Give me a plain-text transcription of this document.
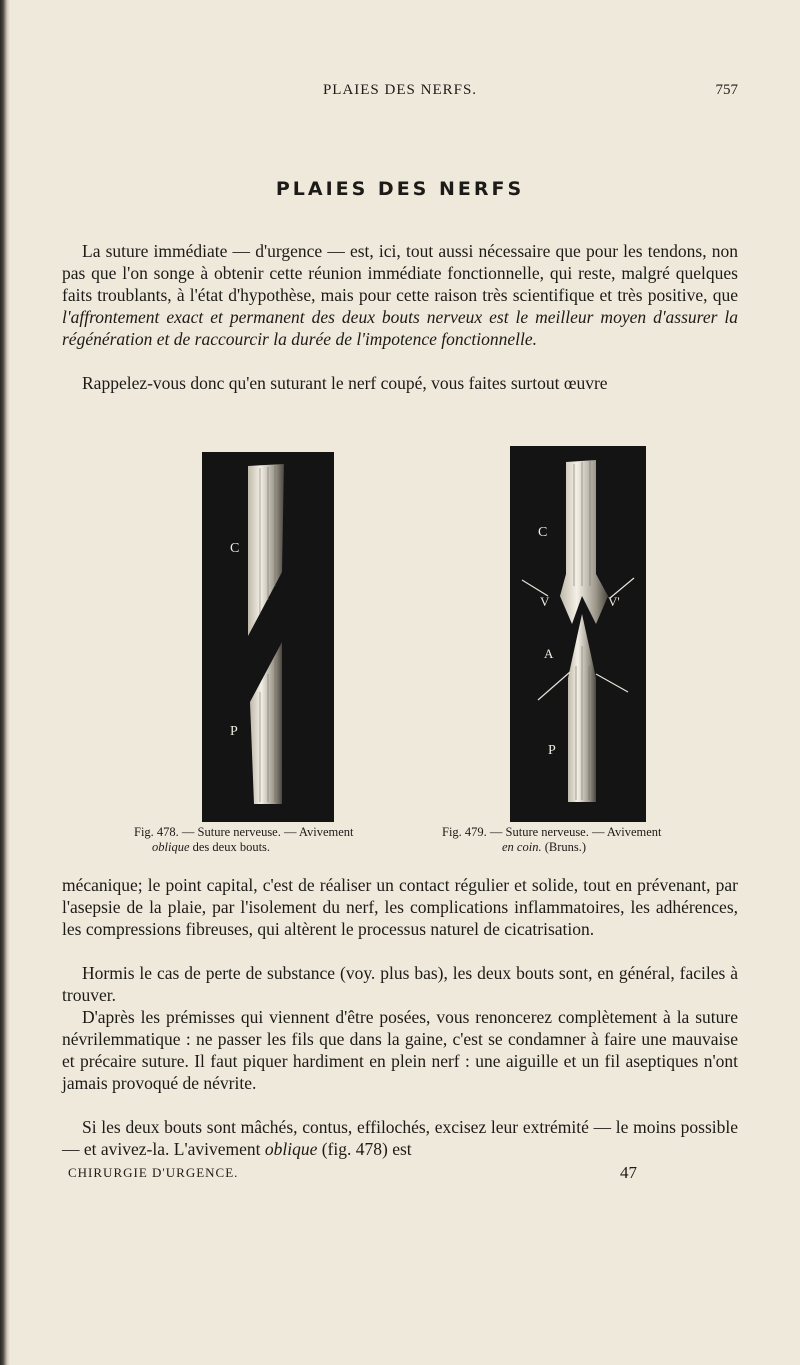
PLAIES DES NERFS.	757
PLAIES DES NERFS

La suture immédiate — d'urgence — est, ici, tout aussi nécessaire que pour les tendons, non pas que l'on songe à obtenir cette réunion immédiate fonctionnelle, qui reste, malgré quelques faits troublants, à l'état d'hypothèse, mais pour cette raison très scientifique et très positive, que l'affrontement exact et permanent des deux bouts nerveux est le meilleur moyen d'assurer la régénération et de raccourcir la durée de l'impotence fonctionnelle.

Rappelez-vous donc qu'en suturant le nerf coupé, vous faites surtout œuvre

C
P
C
V	V'
A
P
Fig. 478. — Suture nerveuse. — Avivement
oblique des deux bouts.
Fig. 479. — Suture nerveuse. — Avivement
en coin. (Bruns.)

mécanique; le point capital, c'est de réaliser un contact régulier et solide, tout en prévenant, par l'asepsie de la plaie, par l'isolement du nerf, les complications inflammatoires, les adhérences, les compressions fibreuses, qui altèrent le processus naturel de cicatrisation.

Hormis le cas de perte de substance (voy. plus bas), les deux bouts sont, en général, faciles à trouver.

D'après les prémisses qui viennent d'être posées, vous renoncerez complètement à la suture névrilemmatique : ne passer les fils que dans la gaine, c'est se condamner à faire une mauvaise et précaire suture. Il faut piquer hardiment en plein nerf : une aiguille et un fil aseptiques n'ont jamais provoqué de névrite.

Si les deux bouts sont mâchés, contus, effilochés, excisez leur extrémité — le moins possible — et avivez-la. L'avivement oblique (fig. 478) est

CHIRURGIE D'URGENCE.	47
